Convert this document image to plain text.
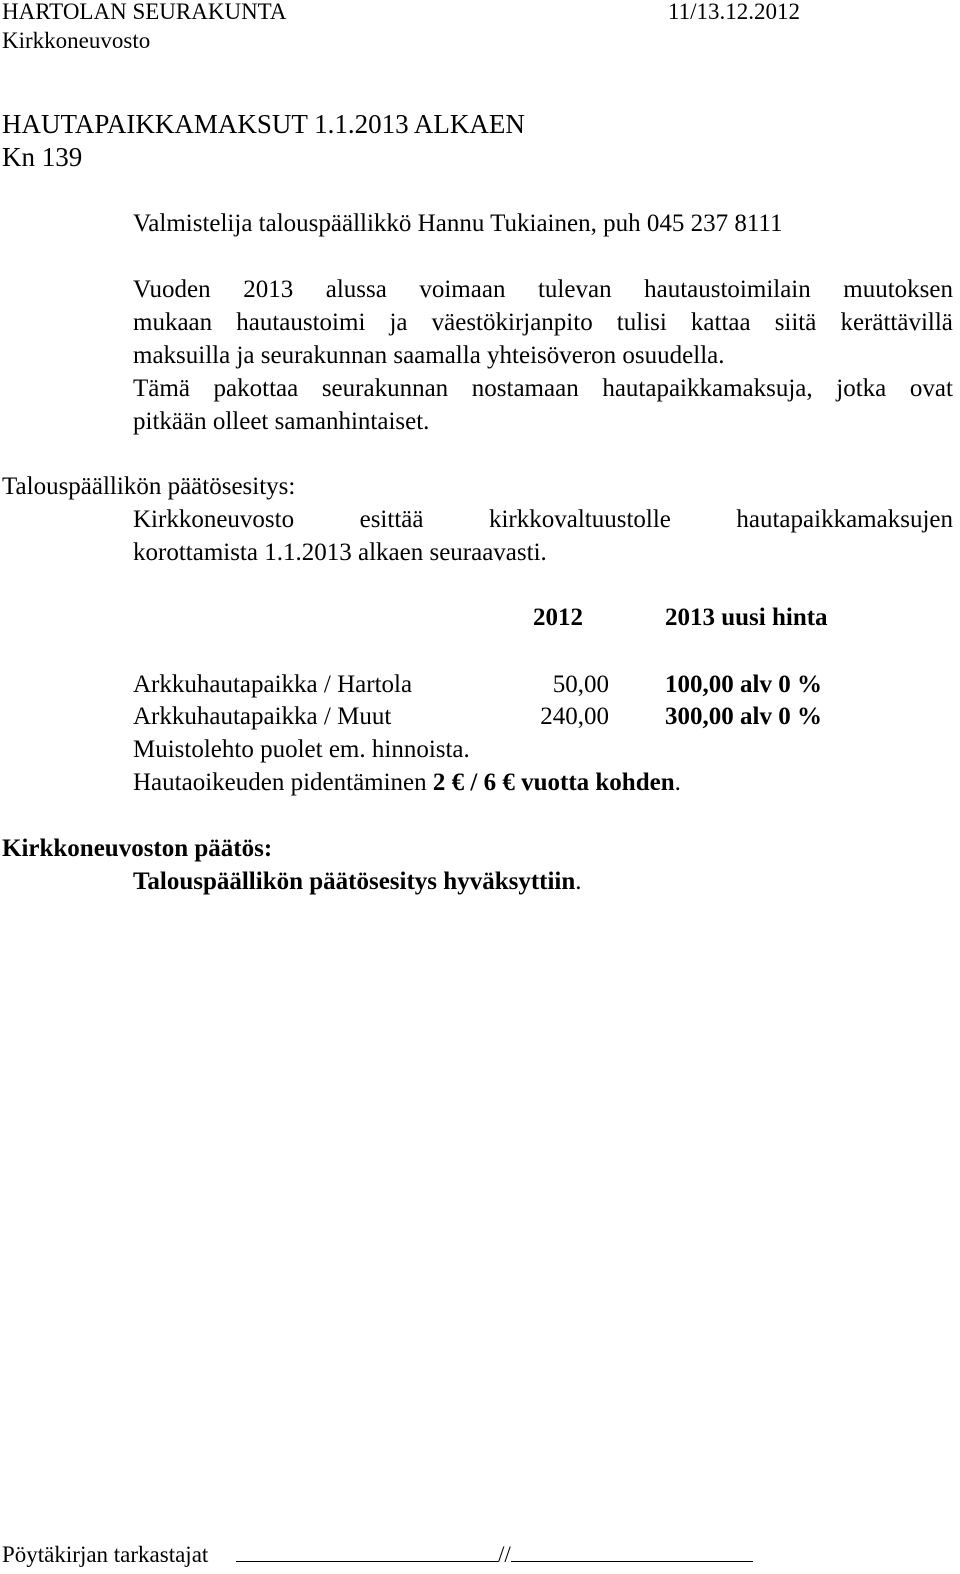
HARTOLAN SEURAKUNTA	11/13.12.2012
Kirkkoneuvosto
HAUTAPAIKKAMAKSUT 1.1.2013 ALKAEN
Kn 139
Valmistelija talouspäällikkö Hannu Tukiainen, puh 045 237 8111
Vuoden 2013 alussa voimaan tulevan hautaustoimilain muutoksen
mukaan hautaustoimi ja väestökirjanpito tulisi kattaa siitä kerättävillä
maksuilla ja seurakunnan saamalla yhteisöveron osuudella.
Tämä pakottaa seurakunnan nostamaan hautapaikkamaksuja, jotka ovat
pitkään olleet samanhintaiset.
Talouspäällikön päätösesitys:
Kirkkoneuvosto	esittää	kirkkovaltuustolle	hautapaikkamaksujen
korottamista 1.1.2013 alkaen seuraavasti.
2012	2013 uusi hinta
Arkkuhautapaikka / Hartola	50,00 100,00 alv 0 %
Arkkuhautapaikka / Muut	240,00 300,00 alv 0 %
Muistolehto puolet em. hinnoista.
Hautaoikeuden pidentäminen 2 € / 6 € vuotta kohden.
Kirkkoneuvoston päätös:
Talouspäällikön päätösesitys hyväksyttiin.
Pöytäkirjan tarkastajat	//
